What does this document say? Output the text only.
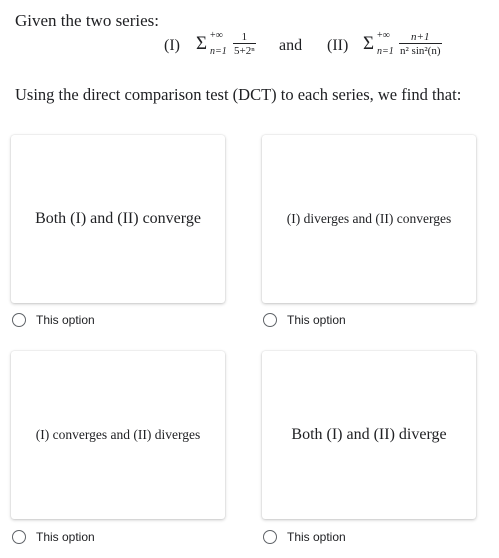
Given the two series:
(I) Σ +∞
$n=1 \frac{1}{\text{5+2ⁿ}}$ and (II) Σ +∞
$n=1 \frac{n+1}{\text{n² sin²(n)}}$
Using the direct comparison test (DCT) to each series, we find that:
Both (I) and (II) converge
This option
(I) diverges and (II) converges
This option
(I) converges and (II) diverges
This option
Both (I) and (II) diverge
This option
